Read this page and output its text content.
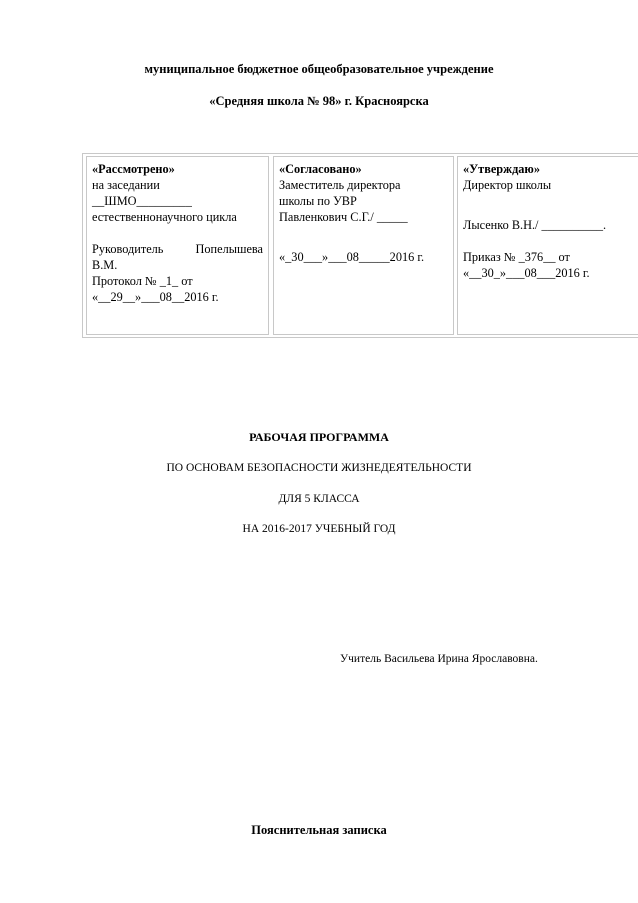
муниципальное бюджетное общеобразовательное учреждение
«Средняя школа № 98» г. Красноярска
«Рассмотрено»
на заседании
__ШМО_________
естественнонаучного цикла
Руководитель Попелышева
В.М.
Протокол № _1_ от
«__29__»___08__2016 г.
«Согласовано»
Заместитель директора
школы по УВР
Павленкович С.Г./ _____
«_30___»___08_____2016 г.
«Утверждаю»
Директор школы
Лысенко В.Н./ __________.
Приказ № _376__ от
«__30_»___08___2016 г.
РАБОЧАЯ ПРОГРАММА
ПО ОСНОВАМ БЕЗОПАСНОСТИ ЖИЗНЕДЕЯТЕЛЬНОСТИ
ДЛЯ 5 КЛАССА
НА 2016-2017 УЧЕБНЫЙ ГОД
Учитель Васильева Ирина Ярославовна.
Пояснительная записка
